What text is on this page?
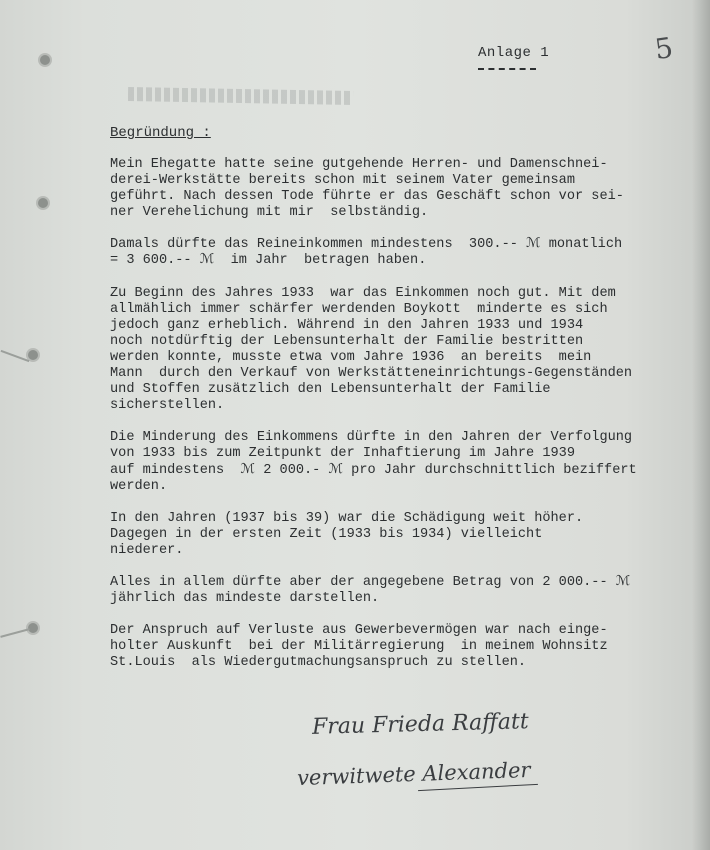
Anlage 1	5
Begründung :
Mein Ehegatte hatte seine gutgehende Herren- und Damenschnei-
derei-Werkstätte bereits schon mit seinem Vater gemeinsam
geführt. Nach dessen Tode führte er das Geschäft schon vor sei-
ner Verehelichung mit mir  selbständig.
Damals dürfte das Reineinkommen mindestens  300.-- ℳ monatlich
= 3 600.-- ℳ  im Jahr  betragen haben.
Zu Beginn des Jahres 1933  war das Einkommen noch gut. Mit dem
allmählich immer schärfer werdenden Boykott  minderte es sich
jedoch ganz erheblich. Während in den Jahren 1933 und 1934
noch notdürftig der Lebensunterhalt der Familie bestritten
werden konnte, musste etwa vom Jahre 1936  an bereits  mein
Mann  durch den Verkauf von Werkstätteneinrichtungs-Gegenständen
und Stoffen zusätzlich den Lebensunterhalt der Familie
sicherstellen.
Die Minderung des Einkommens dürfte in den Jahren der Verfolgung
von 1933 bis zum Zeitpunkt der Inhaftierung im Jahre 1939
auf mindestens  ℳ 2 000.- ℳ pro Jahr durchschnittlich beziffert
werden.
In den Jahren (1937 bis 39) war die Schädigung weit höher.
Dagegen in der ersten Zeit (1933 bis 1934) vielleicht
niederer.
Alles in allem dürfte aber der angegebene Betrag von 2 000.-- ℳ
jährlich das mindeste darstellen.
Der Anspruch auf Verluste aus Gewerbevermögen war nach einge-
holter Auskunft  bei der Militärregierung  in meinem Wohnsitz
St.Louis  als Wiedergutmachungsanspruch zu stellen.
Frau Frieda Raffatt
verwitwete Alexander
